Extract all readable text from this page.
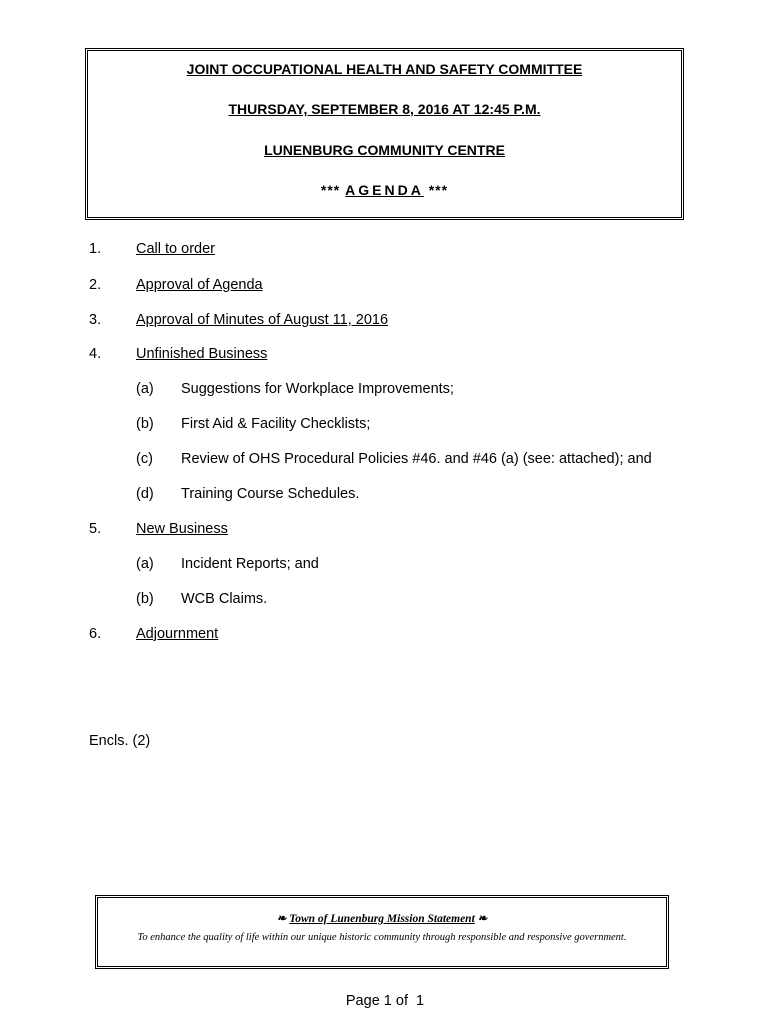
JOINT OCCUPATIONAL HEALTH AND SAFETY COMMITTEE
THURSDAY, SEPTEMBER 8, 2016 AT 12:45 P.M.
LUNENBURG COMMUNITY CENTRE
*** AGENDA ***
1. Call to order
2. Approval of Agenda
3. Approval of Minutes of August 11, 2016
4. Unfinished Business
(a) Suggestions for Workplace Improvements;
(b) First Aid & Facility Checklists;
(c) Review of OHS Procedural Policies #46. and #46 (a) (see: attached); and
(d) Training Course Schedules.
5. New Business
(a) Incident Reports; and
(b) WCB Claims.
6. Adjournment
Encls. (2)
❧ Town of Lunenburg Mission Statement ❧
To enhance the quality of life within our unique historic community through responsible and responsive government.
Page 1 of  1
